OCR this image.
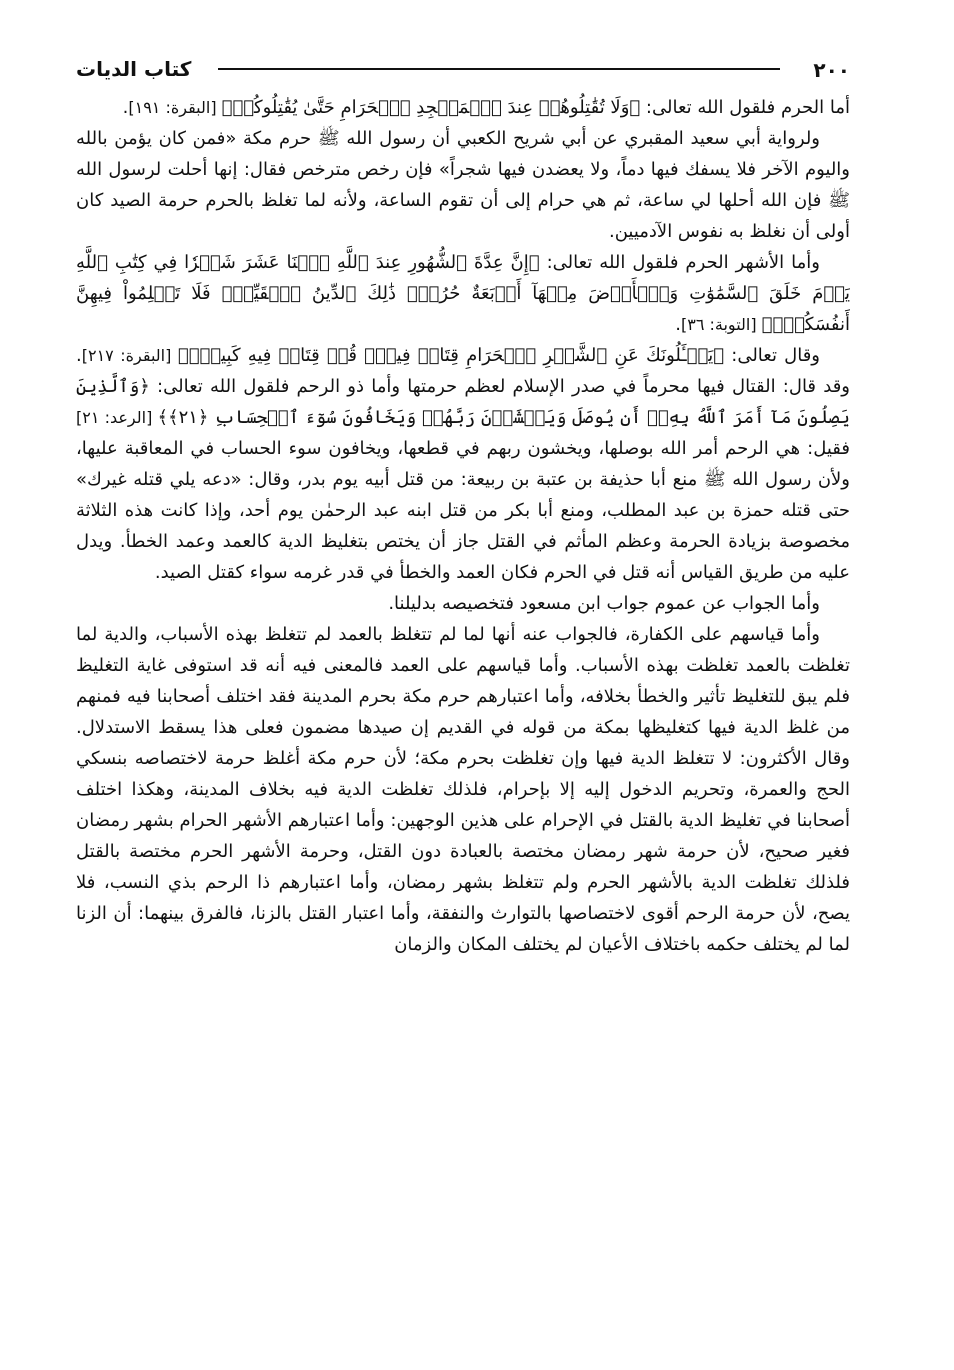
٢٠٠
كتاب الديات

أما الحرم فلقول الله تعالى: ﴿وَلَا تُقَٰتِلُوهُمۡ عِندَ ٱلۡمَسۡجِدِ ٱلۡحَرَامِ حَتَّىٰ يُقَٰتِلُوكُمۡ﴾ [البقرة: ١٩١].

ولرواية أبي سعيد المقبري عن أبي شريح الكعبي أن رسول الله ﷺ حرم مكة «فمن كان يؤمن بالله واليوم الآخر فلا يسفك فيها دماً، ولا يعضدن فيها شجراً» فإن رخص مترخص فقال: إنها أحلت لرسول الله ﷺ فإن الله أحلها لي ساعة، ثم هي حرام إلى أن تقوم الساعة، ولأنه لما تغلظ بالحرم حرمة الصيد كان أولى أن نغلظ به نفوس الآدميين.

وأما الأشهر الحرم فلقول الله تعالى: ﴿إِنَّ عِدَّةَ ٱلشُّهُورِ عِندَ ٱللَّهِ ٱثۡنَا عَشَرَ شَهۡرٗا فِي كِتَٰبِ ٱللَّهِ يَوۡمَ خَلَقَ ٱلسَّمَٰوَٰتِ وَٱلۡأَرۡضَ مِنۡهَآ أَرۡبَعَةٌ حُرُمٞۚ ذَٰلِكَ ٱلدِّينُ ٱلۡقَيِّمُۚ فَلَا تَظۡلِمُواْ فِيهِنَّ أَنفُسَكُمۡۚ﴾ [التوبة: ٣٦].

وقال تعالى: ﴿يَسۡـَٔلُونَكَ عَنِ ٱلشَّهۡرِ ٱلۡحَرَامِ قِتَالٖ فِيهِۖ قُلۡ قِتَالٞ فِيهِ كَبِيرٞۖ﴾ [البقرة: ٢١٧]. وقد قال: القتال فيها محرماً في صدر الإسلام لعظم حرمتها وأما ذو الرحم فلقول الله تعالى: ﴿وَٱلَّذِينَ يَصِلُونَ مَآ أَمَرَ ٱللَّهُ بِهِۦٓ أَن يُوصَلَ وَيَخۡشَوۡنَ رَبَّهُمۡ وَيَخَافُونَ سُوٓءَ ٱلۡحِسَابِ ﴿٢١﴾﴾ [الرعد: ٢١] فقيل: هي الرحم أمر الله بوصلها، ويخشون ربهم في قطعها، ويخافون سوء الحساب في المعاقبة عليها، ولأن رسول الله ﷺ منع أبا حذيفة بن عتبة بن ربيعة: من قتل أبيه يوم بدر، وقال: «دعه يلي قتله غيرك» حتى قتله حمزة بن عبد المطلب، ومنع أبا بكر من قتل ابنه عبد الرحمٰن يوم أحد، وإذا كانت هذه الثلاثة مخصوصة بزيادة الحرمة وعظم المأثم في القتل جاز أن يختص بتغليظ الدية كالعمد وعمد الخطأ. ويدل عليه من طريق القياس أنه قتل في الحرم فكان العمد والخطأ في قدر غرمه سواء كقتل الصيد.

وأما الجواب عن عموم جواب ابن مسعود فتخصيصه بدليلنا.

وأما قياسهم على الكفارة، فالجواب عنه أنها لما لم تتغلظ بالعمد لم تتغلظ بهذه الأسباب، والدية لما تغلظت بالعمد تغلظت بهذه الأسباب. وأما قياسهم على العمد فالمعنى فيه أنه قد استوفى غاية التغليظ فلم يبق للتغليظ تأثير والخطأ بخلافه، وأما اعتبارهم حرم مكة بحرم المدينة فقد اختلف أصحابنا فيه فمنهم من غلظ الدية فيها كتغليظها بمكة من قوله في القديم إن صيدها مضمون فعلى هذا يسقط الاستدلال. وقال الأكثرون: لا تتغلظ الدية فيها وإن تغلظت بحرم مكة؛ لأن حرم مكة أغلظ حرمة لاختصاصه بنسكي الحج والعمرة، وتحريم الدخول إليه إلا بإحرام، فلذلك تغلظت الدية فيه بخلاف المدينة، وهكذا اختلف أصحابنا في تغليظ الدية بالقتل في الإحرام على هذين الوجهين: وأما اعتبارهم الأشهر الحرام بشهر رمضان فغير صحيح، لأن حرمة شهر رمضان مختصة بالعبادة دون القتل، وحرمة الأشهر الحرم مختصة بالقتل فلذلك تغلظت الدية بالأشهر الحرم ولم تتغلظ بشهر رمضان، وأما اعتبارهم ذا الرحم بذي النسب، فلا يصح، لأن حرمة الرحم أقوى لاختصاصها بالتوارث والنفقة، وأما اعتبار القتل بالزنا، فالفرق بينهما: أن الزنا لما لم يختلف حكمه باختلاف الأعيان لم يختلف المكان والزمان
